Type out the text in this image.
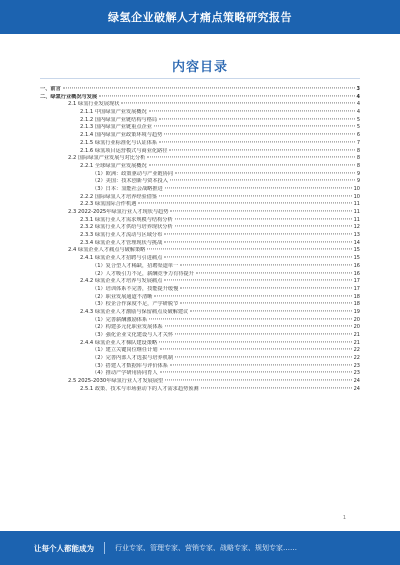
绿氢企业破解人才痛点策略研究报告
内容目录
一、前言	3
二、绿氢行业概况与发展	4
2.1 绿氢行业发展现状	4
2.1.1 中国绿氢产业发展概况	4
2.1.2 国内绿氢产业链结构与格局	5
2.1.3 国内绿氢产业链重点企业	5
2.1.4 国内绿氢产业政策环境与趋势	6
2.1.5 绿氢行业标准化与认证体系	7
2.1.6 绿氢项目运营模式与商业化路径	8
2.2 国际绿氢产业发展与对比分析	8
2.2.1 全球绿氢产业发展概况	8
（1）欧洲：政策驱动与产业链协同	9
（2）美国：技术创新与资本投入	9
（3）日本：氢能社会战略推进	10
2.2.2 国际绿氢人才培养经验借鉴	10
2.2.3 绿氢国际合作机遇	11
2.3 2022-2025年绿氢行业人才现状与趋势	11
2.3.1 绿氢行业人才需求规模与结构分析	11
2.3.2 绿氢行业人才供给与培养现状分析	12
2.3.3 绿氢行业人才流动与区域分布	13
2.3.4 绿氢企业人才管理现状与挑战	14
2.4 绿氢企业人才痛点与破解策略	15
2.4.1 绿氢企业人才招聘与引进痛点	15
（1）复合型人才稀缺，招聘渠道单一	16
（2）人才吸引力不足，薪酬竞争力有待提升	16
2.4.2 绿氢企业人才培养与发展痛点	17
（1）培训体系不完善，技能提升缓慢	17
（2）职业发展通道不清晰	18
（3）校企合作深度不足，产学研脱节	18
2.4.3 绿氢企业人才激励与保留痛点及破解建议	19
（1）完善薪酬激励体系	20
（2）构建多元化职业发展体系	20
（3）强化企业文化建设与人才关怀	21
2.4.4 绿氢企业人才梯队建设策略	21
（1）建立关键岗位继任计划	22
（2）完善内部人才选拔与培养机制	22
（3）搭建人才数据库与评价体系	23
（4）推动产学研用协同育人	23
2.5 2025-2030年绿氢行业人才发展展望	24
2.5.1 政策、技术与市场驱动下的人才需求趋势预测	24
1
让每个人都能成为	行业专家、管理专家、营销专家、战略专家、规划专家……
